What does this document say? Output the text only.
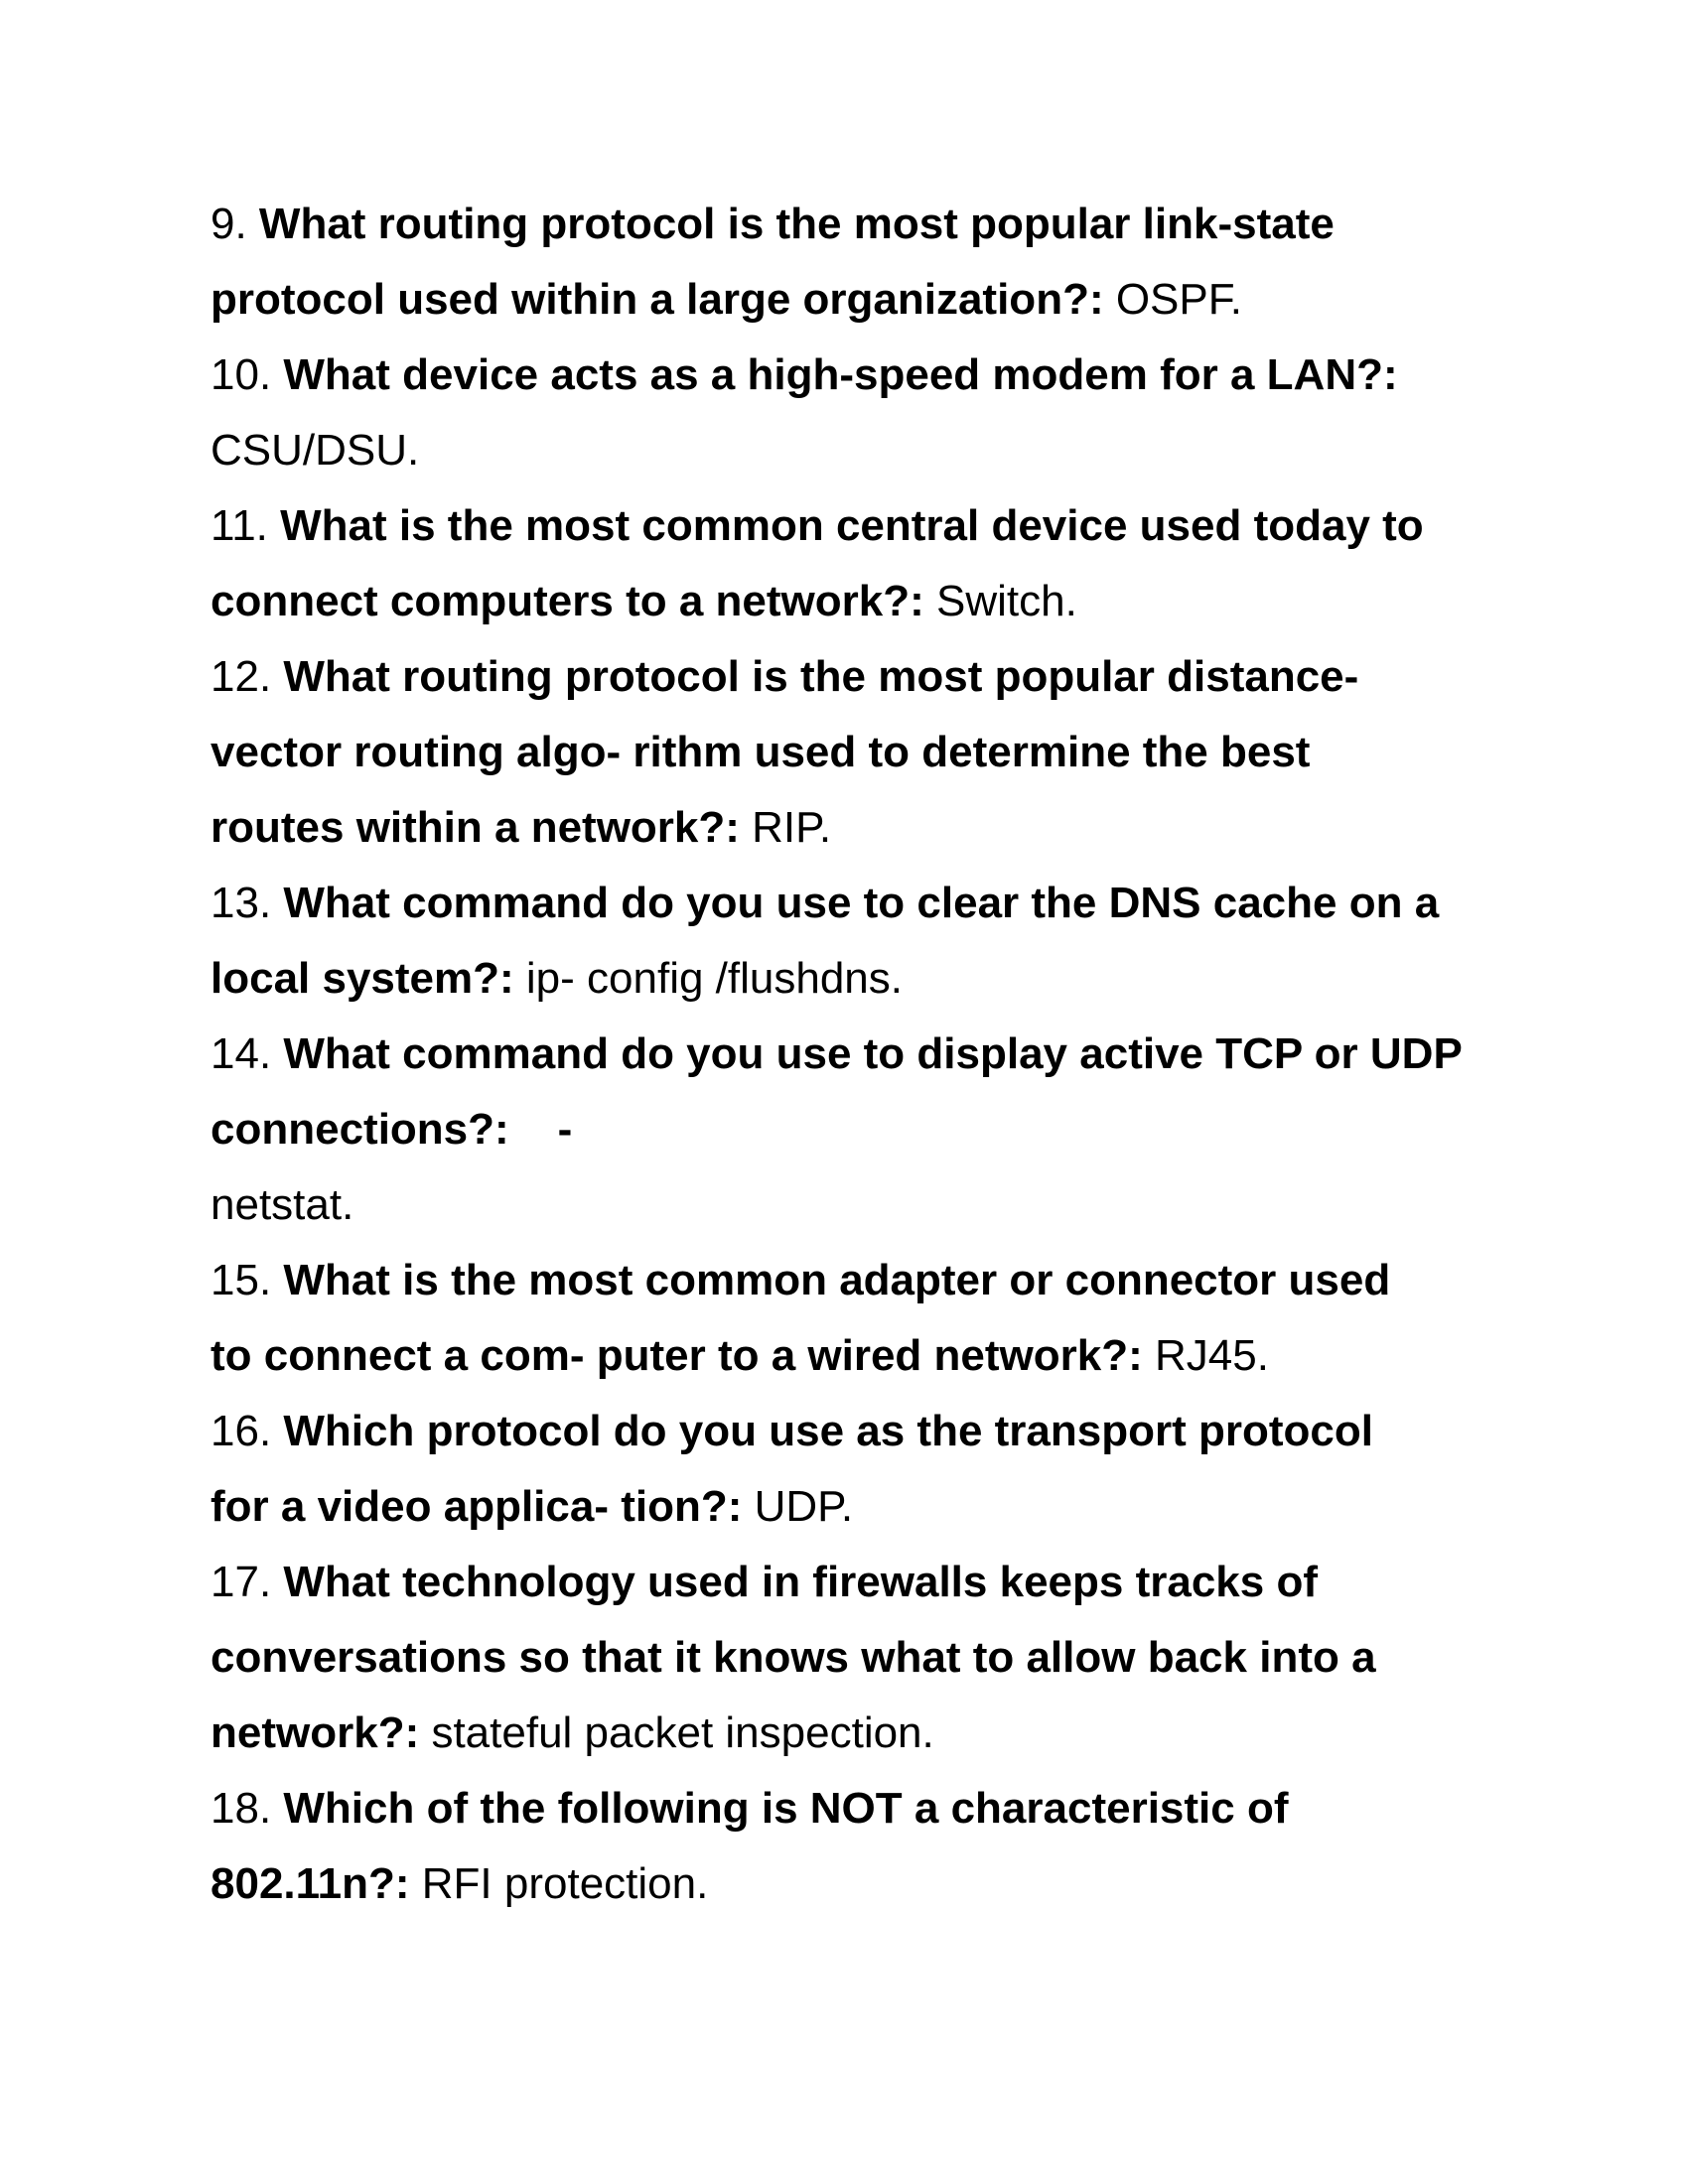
9. What routing protocol is the most popular link-state
protocol used within a large organization?: OSPF.
10. What device acts as a high-speed modem for a LAN?:
CSU/DSU.
11. What is the most common central device used today to
connect computers to a network?: Switch.
12. What routing protocol is the most popular distance-
vector routing algo- rithm used to determine the best
routes within a network?: RIP.
13. What command do you use to clear the DNS cache on a
local system?: ip- config /flushdns.
14. What command do you use to display active TCP or UDP
connections?:    -
netstat.
15. What is the most common adapter or connector used
to connect a com- puter to a wired network?: RJ45.
16. Which protocol do you use as the transport protocol
for a video applica- tion?: UDP.
17. What technology used in firewalls keeps tracks of
conversations so that it knows what to allow back into a
network?: stateful packet inspection.
18. Which of the following is NOT a characteristic of
802.11n?: RFI protection.
